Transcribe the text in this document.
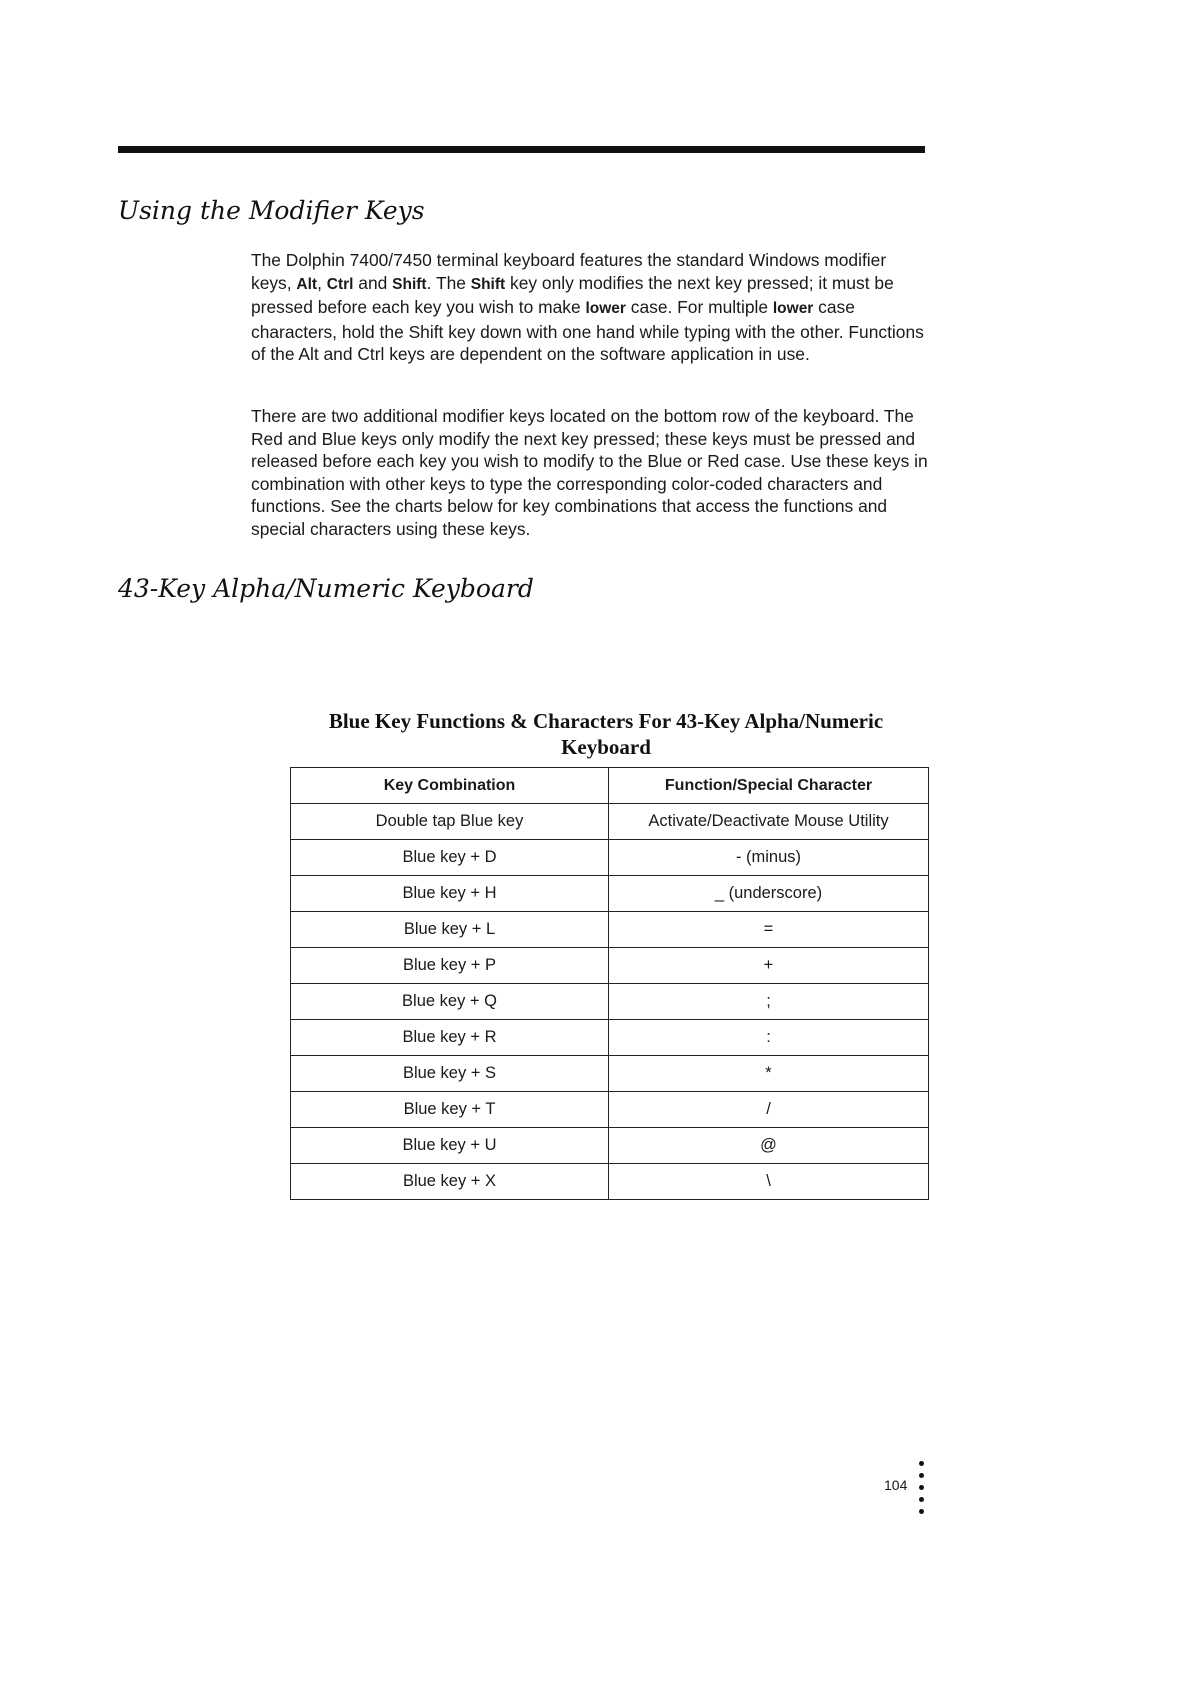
Using the Modifier Keys

The Dolphin 7400/7450 terminal keyboard features the standard Windows modifier keys, Alt, Ctrl and Shift. The Shift key only modifies the next key pressed; it must be pressed before each key you wish to make lower case. For multiple lower case characters, hold the Shift key down with one hand while typing with the other. Functions of the Alt and Ctrl keys are dependent on the software application in use.

There are two additional modifier keys located on the bottom row of the keyboard. The Red and Blue keys only modify the next key pressed; these keys must be pressed and released before each key you wish to modify to the Blue or Red case. Use these keys in combination with other keys to type the corresponding color-coded characters and functions. See the charts below for key combinations that access the functions and special characters using these keys.

43-Key Alpha/Numeric Keyboard
Blue Key Functions & Characters For 43-Key Alpha/Numeric Keyboard
Key Combination	Function/Special Character
Double tap Blue key	Activate/Deactivate Mouse Utility
Blue key + D	- (minus)
Blue key + H	_ (underscore)
Blue key + L	=
Blue key + P	+
Blue key + Q	;
Blue key + R	:
Blue key + S	*
Blue key + T	/
Blue key + U	@
Blue key + X	\
104
